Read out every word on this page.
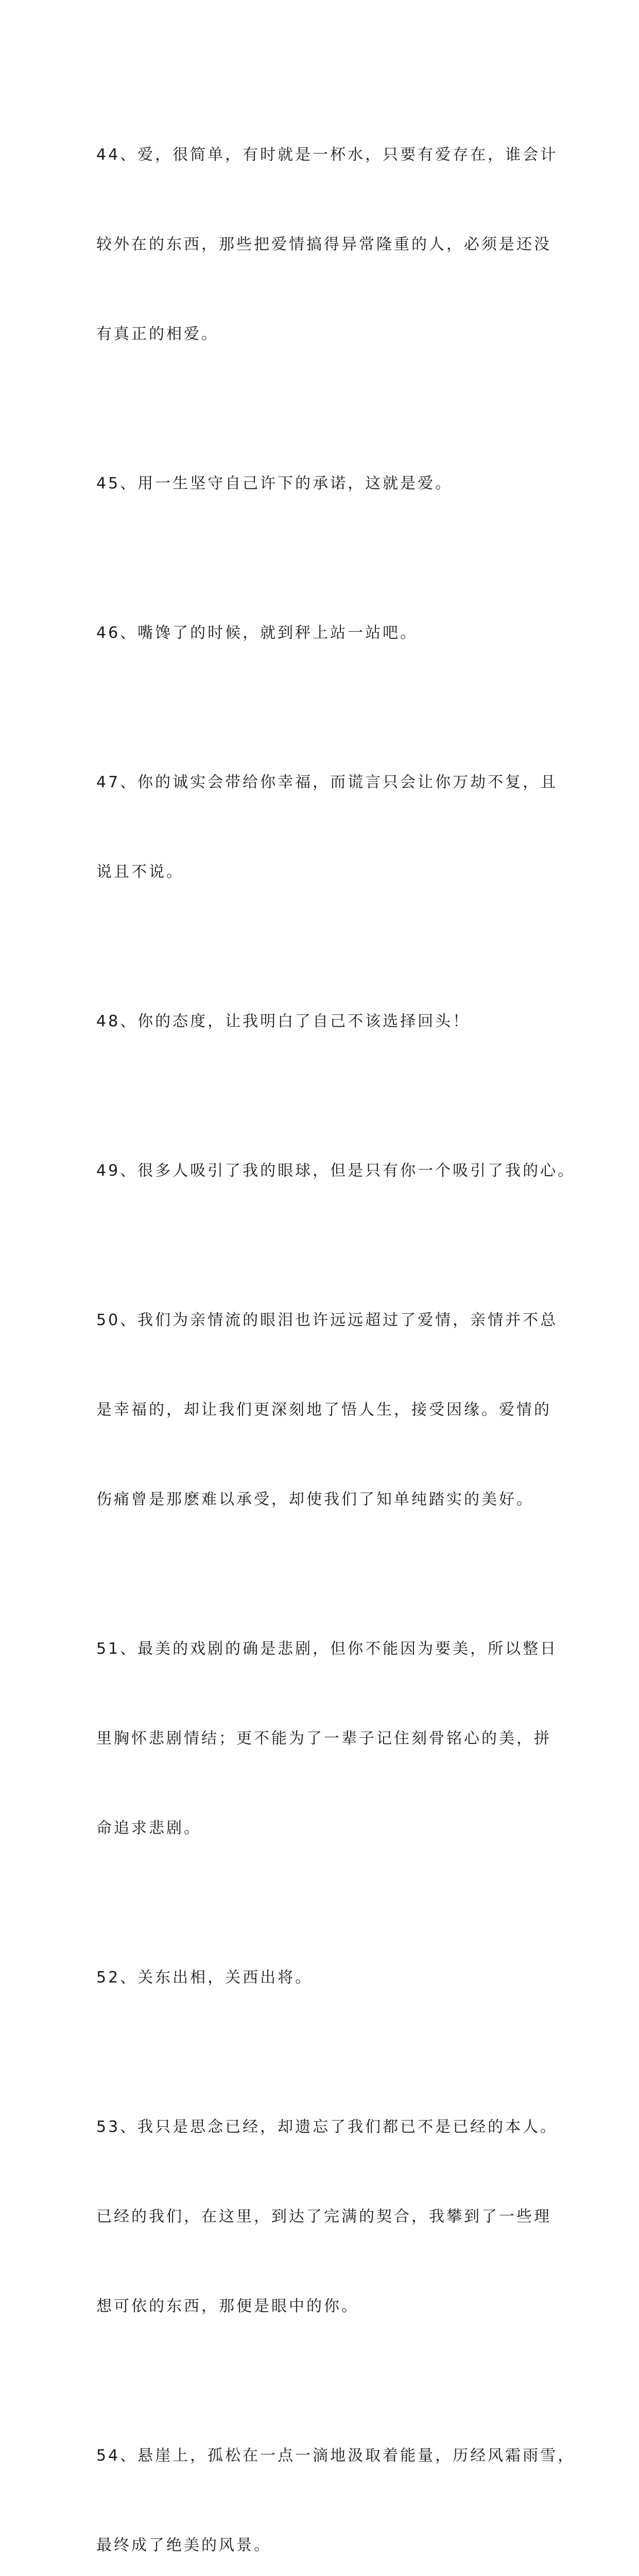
44、爱，很简单，有时就是一杯水，只要有爱存在，谁会计

较外在的东西，那些把爱情搞得异常隆重的人，必须是还没

有真正的相爱。

45、用一生坚守自己许下的承诺，这就是爱。

46、嘴馋了的时候，就到秤上站一站吧。

47、你的诚实会带给你幸福，而谎言只会让你万劫不复，且

说且不说。

48、你的态度，让我明白了自己不该选择回头！

49、很多人吸引了我的眼球，但是只有你一个吸引了我的心。

50、我们为亲情流的眼泪也许远远超过了爱情，亲情并不总

是幸福的，却让我们更深刻地了悟人生，接受因缘。爱情的

伤痛曾是那麽难以承受，却使我们了知单纯踏实的美好。

51、最美的戏剧的确是悲剧，但你不能因为要美，所以整日

里胸怀悲剧情结；更不能为了一辈子记住刻骨铭心的美，拼

命追求悲剧。

52、关东出相，关西出将。

53、我只是思念已经，却遗忘了我们都已不是已经的本人。

已经的我们，在这里，到达了完满的契合，我攀到了一些理

想可依的东西，那便是眼中的你。

54、悬崖上，孤松在一点一滴地汲取着能量，历经风霜雨雪，

最终成了绝美的风景。
